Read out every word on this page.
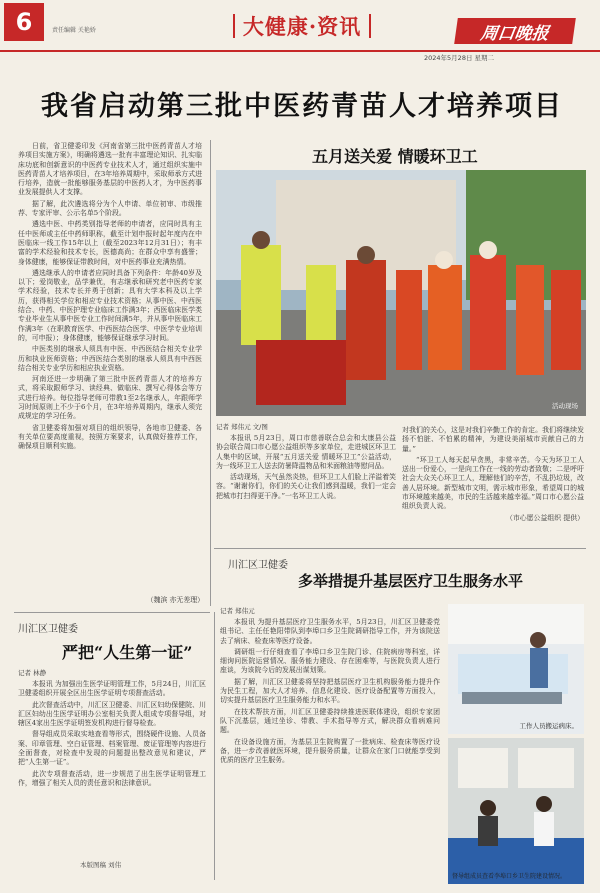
6	责任编辑 关艳娇	大健康·资讯	周口晚报
2024年5月28日 星期二
我省启动第三批中医药青苗人才培养项目

日前，省卫健委印发《河南省第三批中医药青苗人才培养项目实施方案》，明确将遴选一批有丰富理论知识、扎实临床功底和创新意识的中医药专业技术人才，通过组织实施中医药青苗人才培养项目，在3年培养周期中，采取师承方式进行培养，造就一批能够服务基层的中医药人才，为中医药事业发展提供人才支撑。

据了解，此次遴选将分为个人申请、单位初审、市级推荐、专家评审、公示名单5个阶段。

遴选中医、中药类别指导老师的申请者，应同时具有主任中医师或主任中药师职称，截至计划申报时起年度内在中医临床一线工作15年以上（截至2023年12月31日）；有丰富的学术经验和技术专长，医德高尚；在群众中享有盛誉；身体健康，能够保证带教时间，对中医药事业充满热情。

遴选继承人的申请者应同时具备下列条件：年龄40岁及以下；爱岗敬业，品学兼优，有志继承和研究老中医药专家学术经验，技术专长并勇于创新；具有大学本科及以上学历，获得相关学位和相应专业技术资格；从事中医、中西医结合、中药、中医护理专业临床工作满3年；西医临床医学类专业毕业生从事中医专业工作时间满5年，并从事中医临床工作满3年（在职教育医学、中西医结合医学、中医学专业培训的，可申报）；身体健康，能够保证继承学习时间。

中医类别的继承人须具有中医、中西医结合相关专业学历和执业医师资格；中西医结合类别的继承人须具有中西医结合相关专业学历和相应执业资格。

河南还进一步明确了第三批中医药青苗人才的培养方式，将采取跟师学习、读经典、做临床、撰写心得体会等方式进行培养。每位指导老师可带教1至2名继承人，年跟师学习时间原则上不少于6个月，在3年培养周期内，继承人须完成规定的学习任务。

省卫健委将加强对项目的组织领导，各地市卫健委、各有关单位要高度重视，按照方案要求，认真做好推荐工作，确保项目顺利实施。

（魏滨 亦无差理）
五月送关爱 情暖环卫工
活动现场
记者 郑伟元 文/图

本报讯 5月23日，周口市慈善联合总会和太康县公益协会联合周口市心愿公益组织等多家单位，走进城区环卫工人集中的区域，开展“五月送关爱 情暖环卫工”公益活动，为一线环卫工人送去防暑降温物品和米面粮油等慰问品。

活动现场，天气虽然炎热，但环卫工人们脸上洋溢着笑容。“谢谢你们，你们的关心让我们感到温暖，我们一定会把城市打扫得更干净。”一名环卫工人说。

对我们的关心，这是对我们辛勤工作的肯定。我们将继续发扬不怕脏、不怕累的精神，为建设美丽城市贡献自己的力量。”

“环卫工人每天起早贪黑，非常辛苦。今天为环卫工人送出一份爱心，一是向工作在一线的劳动者致敬；二是呼吁社会大众关心环卫工人，理解他们的辛苦，不乱扔垃圾，改善人居环境。新型城市文明，需示城市形象，希望周口的城市环境越来越美，市民的生活越来越幸福。”周口市心愿公益组织负责人说。

（市心愿公益组织 提供）

川汇区卫健委
多举措提升基层医疗卫生服务水平
川汇区卫健委
严把“人生第一证”
记者 林静

本报讯 为加强出生医学证明管理工作，5月24日，川汇区卫健委组织开展全区出生医学证明专项督查活动。

此次督查活动中，川汇区卫健委、川汇区妇幼保健院、川汇区妇幼出生医学证明办公室相关负责人组成专项督导组，对辖区4家出生医学证明签发机构进行督导检查。

督导组成员采取实地查看等形式，围绕硬件设施、人员备案、印章管理、空白证管理、档案管理、废证管理等内容进行全面督查，对检查中发现的问题提出整改意见和建议，严把“人生第一证”。

此次专项督查活动，进一步规范了出生医学证明管理工作，增强了相关人员的责任意识和法律意识。

本版图稿 刘伟
记者 郑伟元

本报讯 为提升基层医疗卫生服务水平，5月23日，川汇区卫健委党组书记、主任任艳阳带队到李埠口乡卫生院调研指导工作，并为该院送去了病床、检查床等医疗设备。

调研组一行仔细查看了李埠口乡卫生院门诊、住院病房等科室，详细询问医院运营情况、服务能力建设、存在困难等，与医院负责人进行座谈，为该院今后的发展出谋划策。

据了解，川汇区卫健委将坚持把基层医疗卫生机构服务能力提升作为民生工程，加大人才培养、信息化建设、医疗设备配置等方面投入，切实提升基层医疗卫生服务能力和水平。

在技术帮扶方面，川汇区卫健委持续推进医联体建设，组织专家团队下沉基层，通过坐诊、带教、手术指导等方式，解决群众看病难问题。

在设备设施方面，为基层卫生院购置了一批病床、检查床等医疗设备，进一步改善就医环境，提升服务质量，让群众在家门口就能享受到优质的医疗卫生服务。

工作人员搬运病床。
督导组成员查看李埠口乡卫生院建设情况。
